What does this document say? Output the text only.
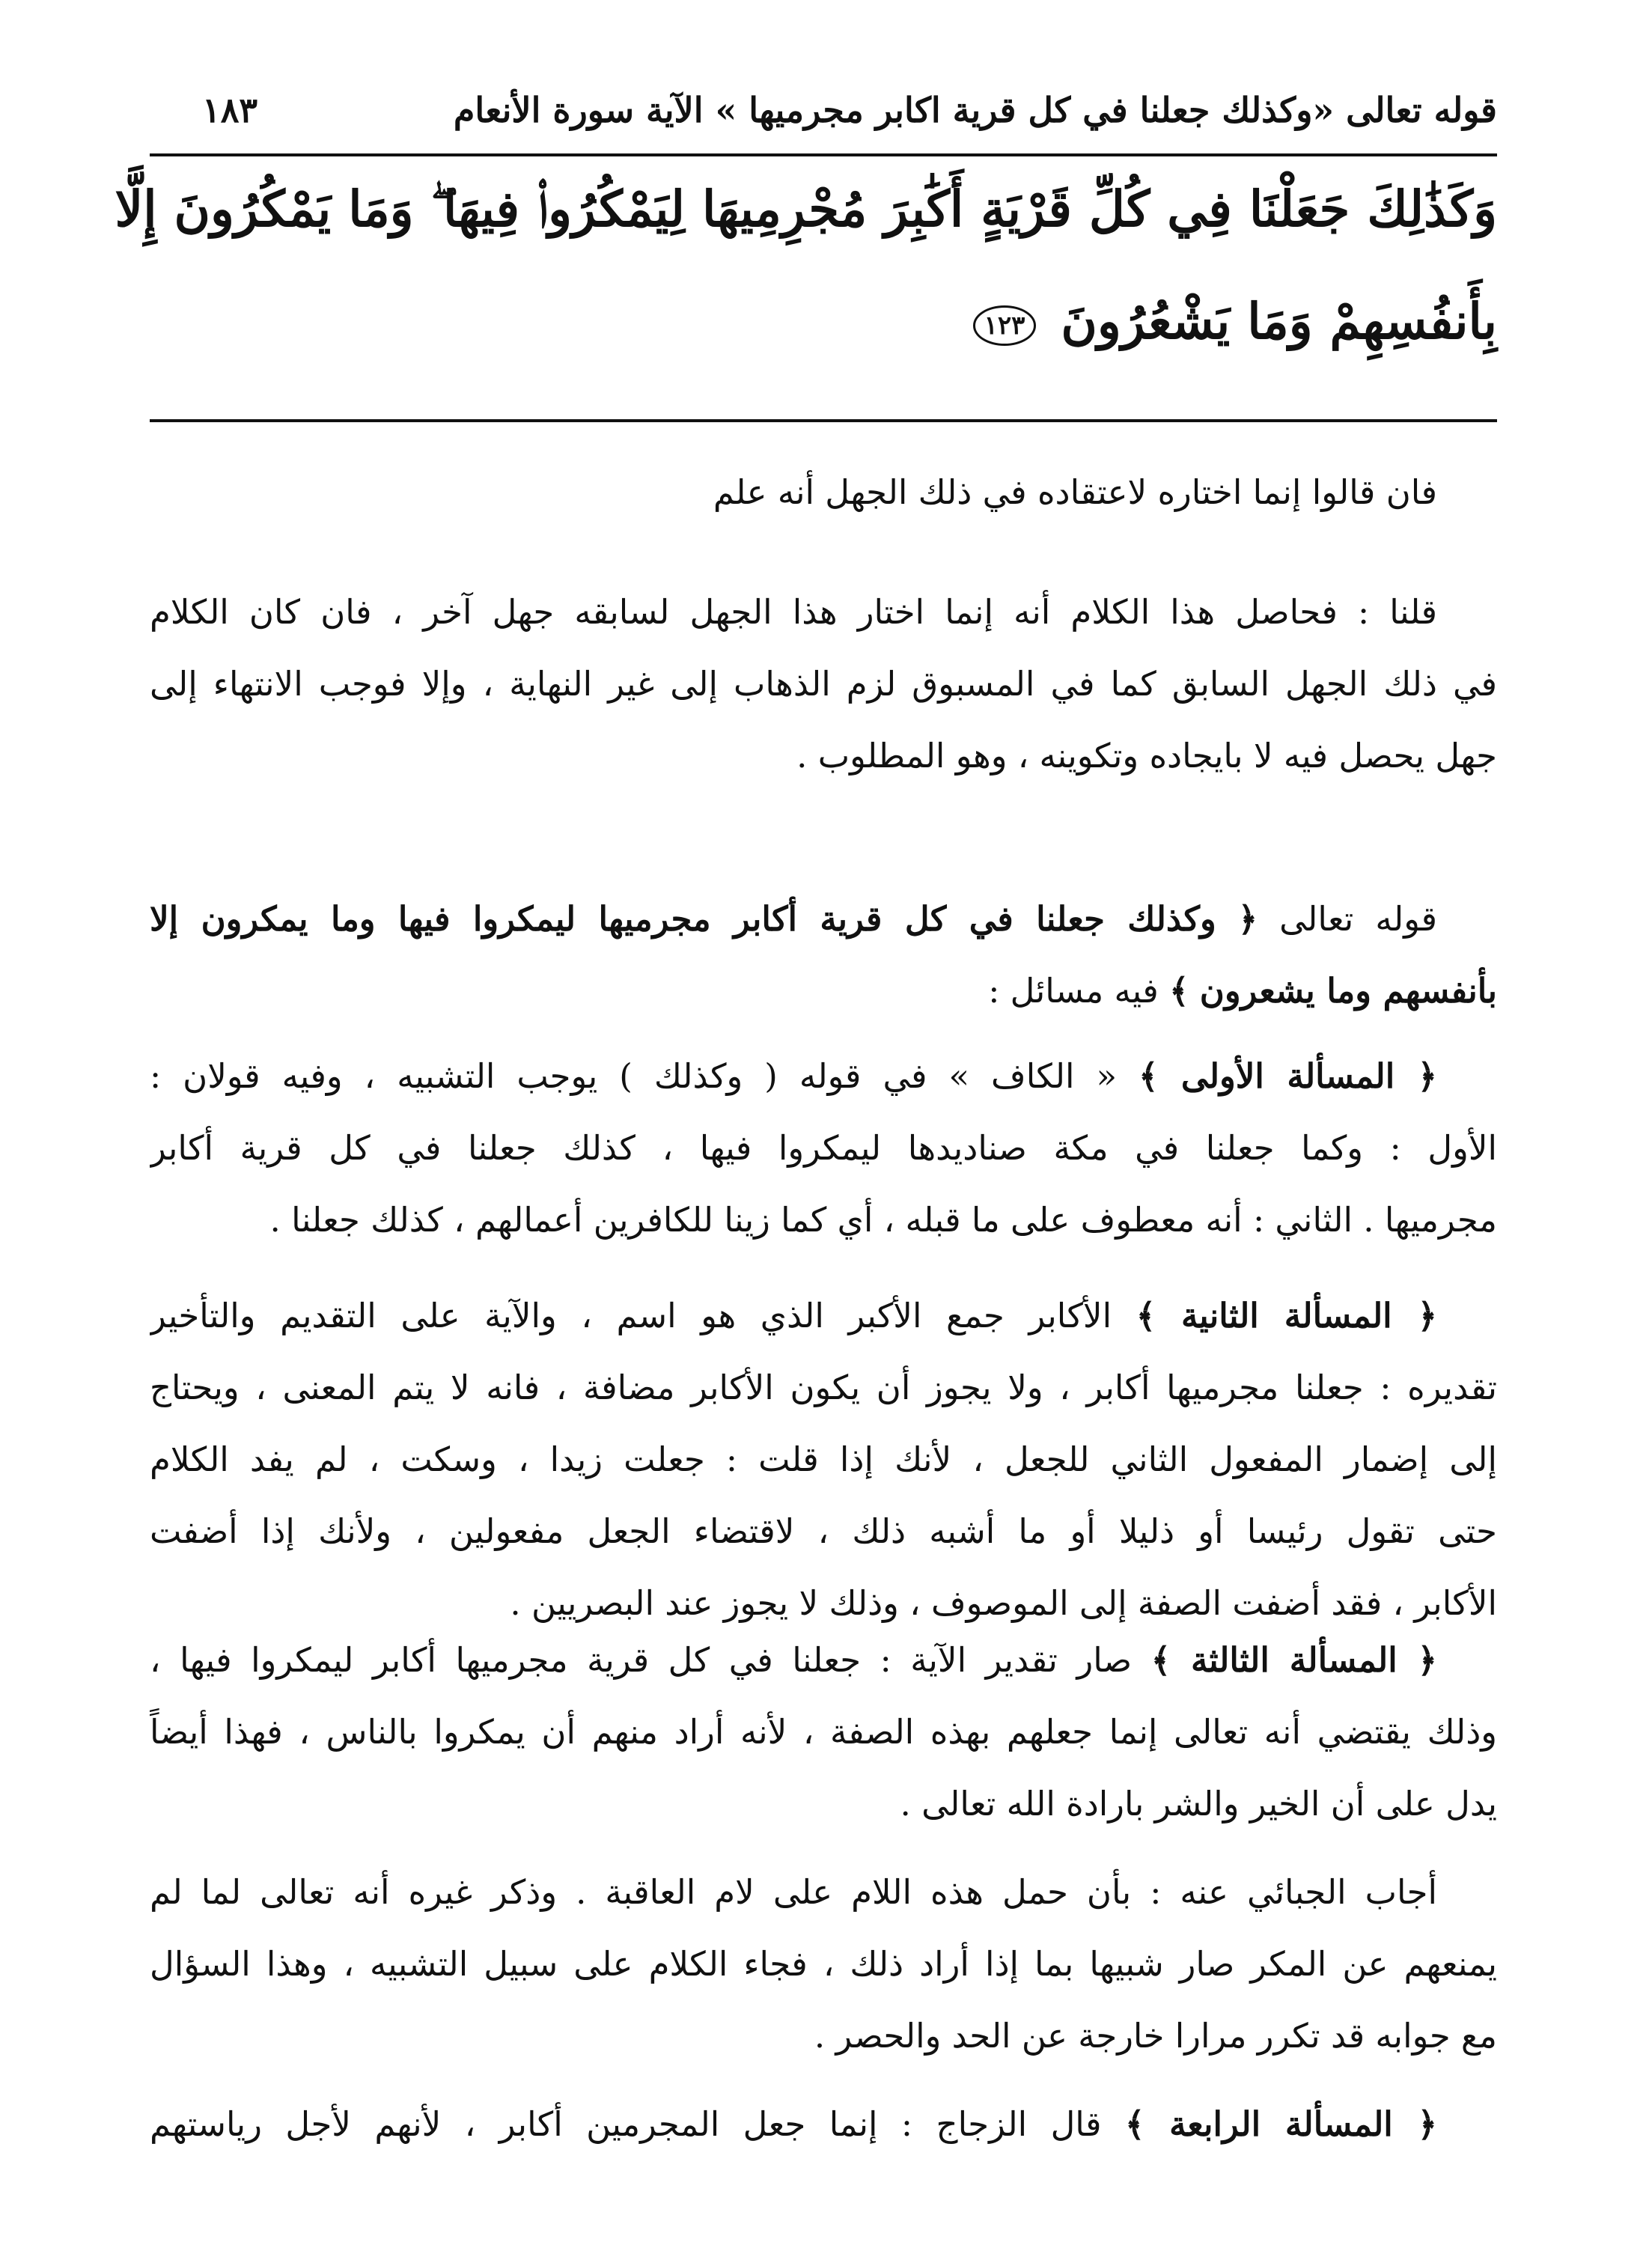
قوله تعالى «وكذلك جعلنا في كل قرية اكابر مجرميها » الآية سورة الأنعام
١٨٣
وَكَذَٰلِكَ جَعَلْنَا فِي كُلِّ قَرْيَةٍ أَكَٰبِرَ مُجْرِمِيهَا لِيَمْكُرُوا۟ فِيهَا ۖ وَمَا يَمْكُرُونَ إِلَّا
بِأَنفُسِهِمْ وَمَا يَشْعُرُونَ ١٢٣
فان قالوا إنما اختاره لاعتقاده في ذلك الجهل أنه علم
قلنا : فحاصل هذا الكلام أنه إنما اختار هذا الجهل لسابقه جهل آخر ، فان كان الكلام
في ذلك الجهل السابق كما في المسبوق لزم الذهاب إلى غير النهاية ، وإلا فوجب الانتهاء إلى
جهل يحصل فيه لا بايجاده وتكوينه ، وهو المطلوب .
قوله تعالى ﴿ وكذلك جعلنا في كل قرية أكابر مجرميها ليمكروا فيها وما يمكرون إلا
بأنفسهم وما يشعرون ﴾ فيه مسائل :
﴿ المسألة الأولى ﴾ « الكاف » في قوله ( وكذلك ) يوجب التشبيه ، وفيه قولان :
الأول : وكما جعلنا في مكة صناديدها ليمكروا فيها ، كذلك جعلنا في كل قرية أكابر
مجرميها . الثاني : أنه معطوف على ما قبله ، أي كما زينا للكافرين أعمالهم ، كذلك جعلنا .
﴿ المسألة الثانية ﴾ الأكابر جمع الأكبر الذي هو اسم ، والآية على التقديم والتأخير
تقديره : جعلنا مجرميها أكابر ، ولا يجوز أن يكون الأكابر مضافة ، فانه لا يتم المعنى ، ويحتاج
إلى إضمار المفعول الثاني للجعل ، لأنك إذا قلت : جعلت زيدا ، وسكت ، لم يفد الكلام
حتى تقول رئيسا أو ذليلا أو ما أشبه ذلك ، لاقتضاء الجعل مفعولين ، ولأنك إذا أضفت
الأكابر ، فقد أضفت الصفة إلى الموصوف ، وذلك لا يجوز عند البصريين .
﴿ المسألة الثالثة ﴾ صار تقدير الآية : جعلنا في كل قرية مجرميها أكابر ليمكروا فيها ،
وذلك يقتضي أنه تعالى إنما جعلهم بهذه الصفة ، لأنه أراد منهم أن يمكروا بالناس ، فهذا أيضاً
يدل على أن الخير والشر بارادة الله تعالى .
أجاب الجبائي عنه : بأن حمل هذه اللام على لام العاقبة . وذكر غيره أنه تعالى لما لم
يمنعهم عن المكر صار شبيها بما إذا أراد ذلك ، فجاء الكلام على سبيل التشبيه ، وهذا السؤال
مع جوابه قد تكرر مرارا خارجة عن الحد والحصر .
﴿ المسألة الرابعة ﴾ قال الزجاج : إنما جعل المجرمين أكابر ، لأنهم لأجل رياستهم
